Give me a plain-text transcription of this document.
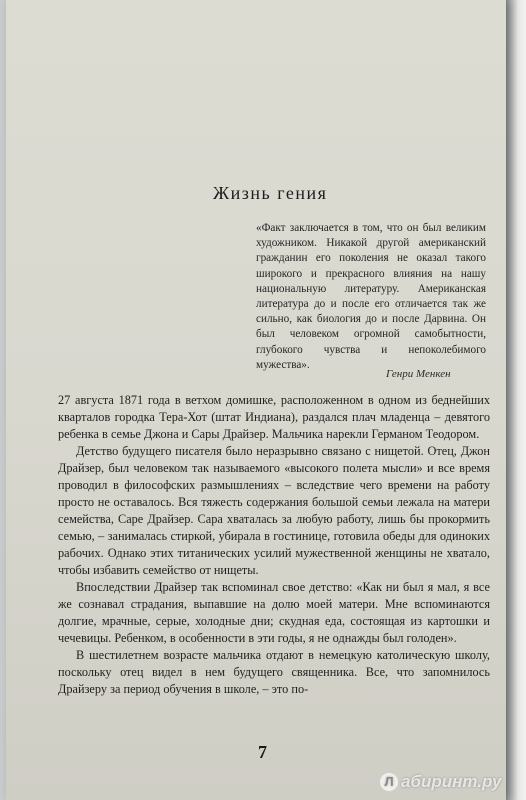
Жизнь гения
«Факт заключается в том, что он был великим художником. Никакой другой американский гражданин его поколения не оказал такого широкого и прекрасного влияния на нашу национальную литературу. Американская литература до и после его отличается так же сильно, как биология до и после Дарвина. Он был человеком огромной самобытности, глубокого чувства и непоколебимого мужества».
Генри Менкен

27 августа 1871 года в ветхом домишке, расположенном в одном из беднейших кварталов городка Тера-Хот (штат Индиана), раздался плач младенца – девятого ребенка в семье Джона и Сары Драйзер. Мальчика нарекли Германом Теодором.

Детство будущего писателя было неразрывно связано с нищетой. Отец, Джон Драйзер, был человеком так называемого «высокого полета мысли» и все время проводил в философских размышлениях – вследствие чего времени на работу просто не оставалось. Вся тяжесть содержания большой семьи лежала на матери семейства, Саре Драйзер. Сара хваталась за любую работу, лишь бы прокормить семью, – занималась стиркой, убирала в гостинице, готовила обеды для одиноких рабочих. Однако этих титанических усилий мужественной женщины не хватало, чтобы избавить семейство от нищеты.

Впоследствии Драйзер так вспоминал свое детство: «Как ни был я мал, я все же сознавал страдания, выпавшие на долю моей матери. Мне вспоминаются долгие, мрачные, серые, холодные дни; скудная еда, состоящая из картошки и чечевицы. Ребенком, в особенности в эти годы, я не однажды был голоден».

В шестилетнем возрасте мальчика отдают в немецкую католическую школу, поскольку отец видел в нем будущего священника. Все, что запомнилось Драйзеру за период обучения в школе, – это по-

7
Л абиринт.ру
